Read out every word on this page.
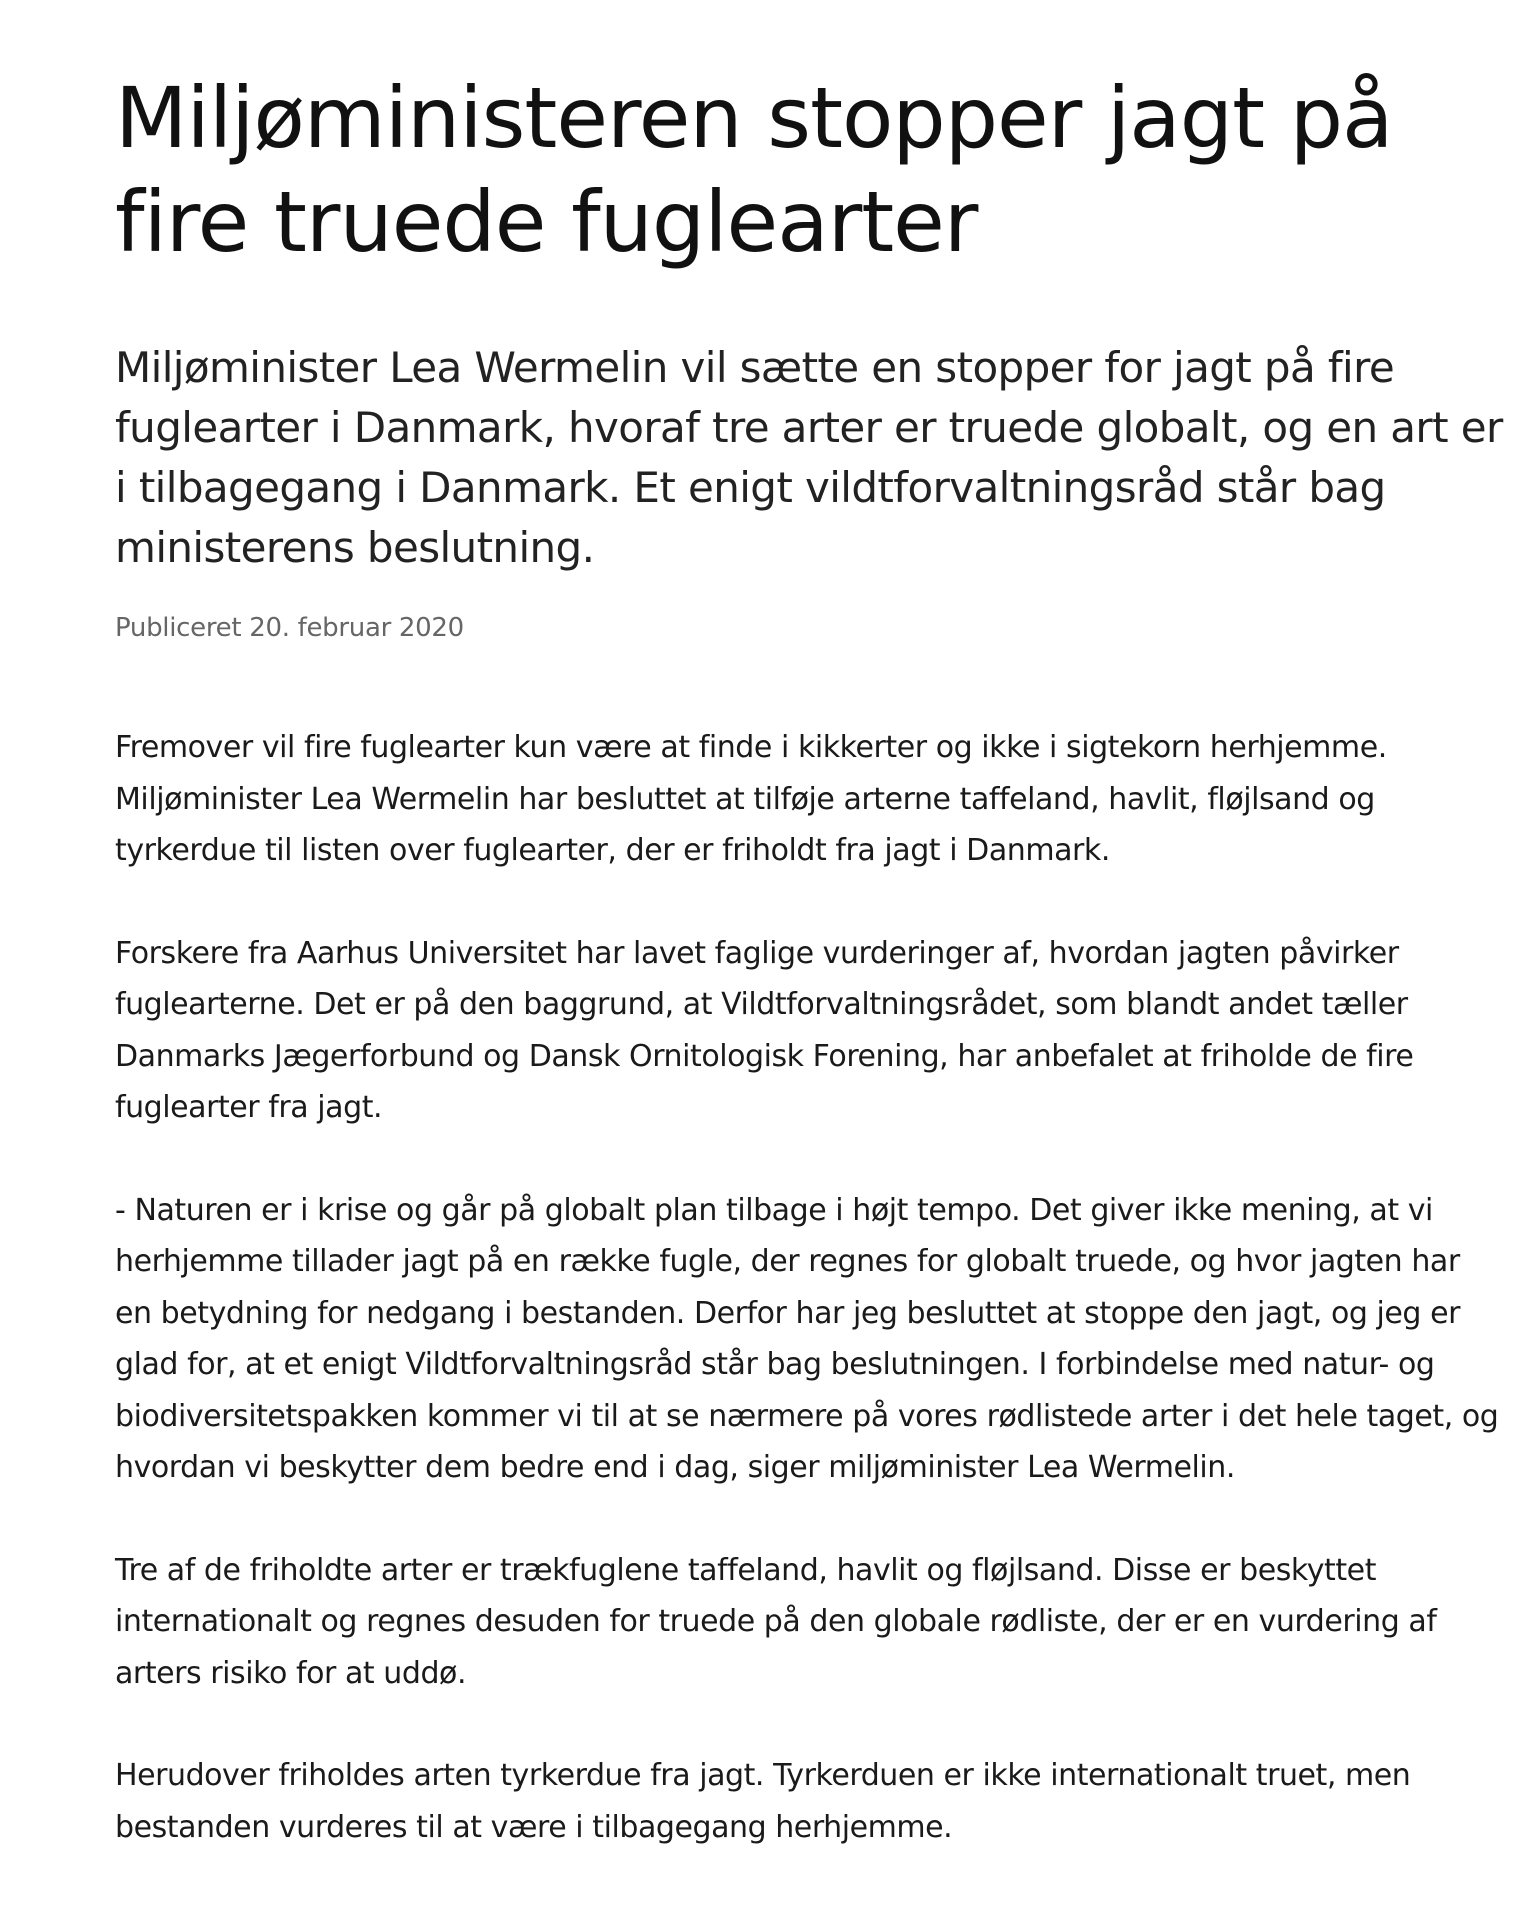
Miljøministeren stopper jagt på fire truede fuglearter

Miljøminister Lea Wermelin vil sætte en stopper for jagt på fire fuglearter i Danmark, hvoraf tre arter er truede globalt, og en art er i tilbagegang i Danmark. Et enigt vildtforvaltningsråd står bag ministerens beslutning.

Publiceret 20. februar 2020

Fremover vil fire fuglearter kun være at finde i kikkerter og ikke i sigtekorn herhjemme. Miljøminister Lea Wermelin har besluttet at tilføje arterne taffeland, havlit, fløjlsand og tyrkerdue til listen over fuglearter, der er friholdt fra jagt i Danmark.

Forskere fra Aarhus Universitet har lavet faglige vurderinger af, hvordan jagten påvirker fuglearterne. Det er på den baggrund, at Vildtforvaltningsrådet, som blandt andet tæller Danmarks Jægerforbund og Dansk Ornitologisk Forening, har anbefalet at friholde de fire fuglearter fra jagt.

- Naturen er i krise og går på globalt plan tilbage i højt tempo. Det giver ikke mening, at vi herhjemme tillader jagt på en række fugle, der regnes for globalt truede, og hvor jagten har en betydning for nedgang i bestanden. Derfor har jeg besluttet at stoppe den jagt, og jeg er glad for, at et enigt Vildtforvaltningsråd står bag beslutningen. I forbindelse med natur- og biodiversitetspakken kommer vi til at se nærmere på vores rødlistede arter i det hele taget, og hvordan vi beskytter dem bedre end i dag, siger miljøminister Lea Wermelin.

Tre af de friholdte arter er trækfuglene taffeland, havlit og fløjlsand. Disse er beskyttet internationalt og regnes desuden for truede på den globale rødliste, der er en vurdering af arters risiko for at uddø.

Herudover friholdes arten tyrkerdue fra jagt. Tyrkerduen er ikke internationalt truet, men bestanden vurderes til at være i tilbagegang herhjemme.
